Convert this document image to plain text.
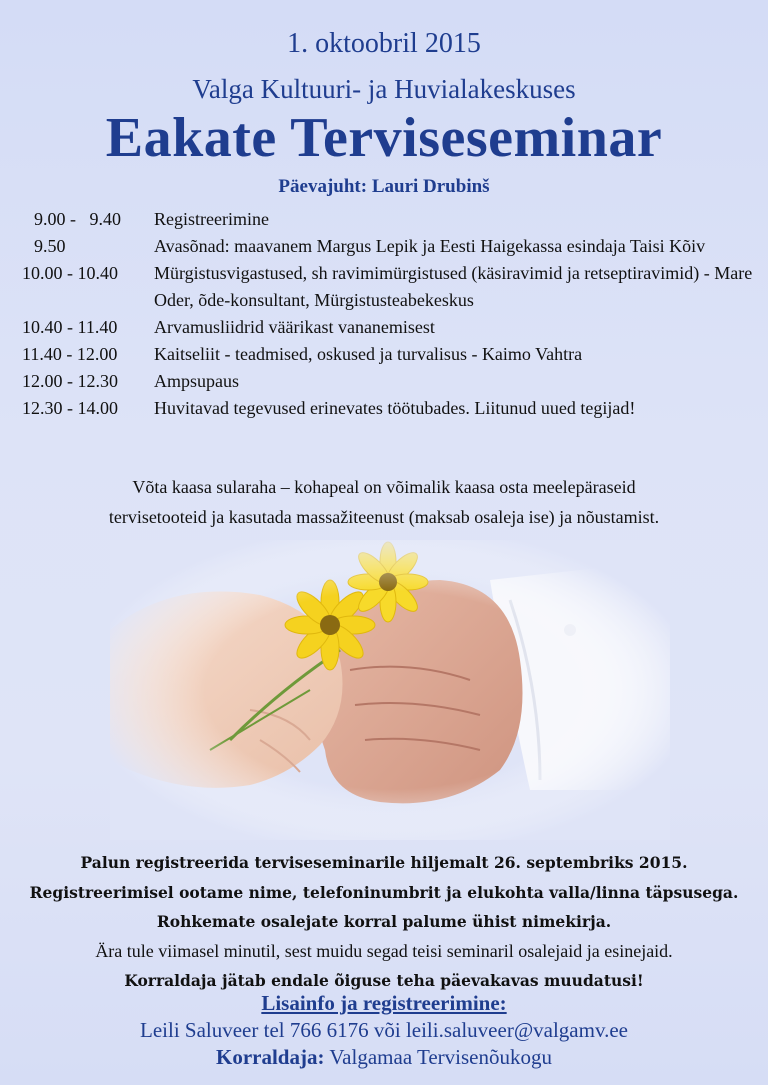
1. oktoobril 2015
Valga Kultuuri- ja Huvialakeskuses
Eakate Terviseseminar
Päevajuht: Lauri Drubinš
9.00 -   9.40	Registreerimine
9.50	Avasõnad: maavanem Margus Lepik ja Eesti Haigekassa esindaja Taisi Kõiv
10.00 - 10.40	Mürgistusvigastused, sh ravimimürgistused (käsiravimid ja retseptiravimid) - Mare Oder, õde-konsultant, Mürgistusteabekeskus
10.40 - 11.40	Arvamusliidrid väärikast vananemisest
11.40 - 12.00	Kaitseliit - teadmised, oskused ja turvalisus - Kaimo Vahtra
12.00 - 12.30	Ampsupaus
12.30 - 14.00	Huvitavad tegevused erinevates töötubades. Liitunud uued tegijad!
Võta kaasa sularaha – kohapeal on võimalik kaasa osta meelepäraseid
tervisetooteid ja kasutada massažiteenust (maksab osaleja ise) ja nõustamist.
Palun registreerida terviseseminarile hiljemalt 26. septembriks 2015.
Registreerimisel ootame nime, telefoninumbrit ja elukohta valla/linna täpsusega.
Rohkemate osalejate korral palume ühist nimekirja.
Ära tule viimasel minutil, sest muidu segad teisi seminaril osalejaid ja esinejaid.
Korraldaja jätab endale õiguse teha päevakavas muudatusi!
Lisainfo ja registreerimine:
Leili Saluveer tel 766 6176 või leili.saluveer@valgamv.ee
Korraldaja: Valgamaa Tervisenõukogu
